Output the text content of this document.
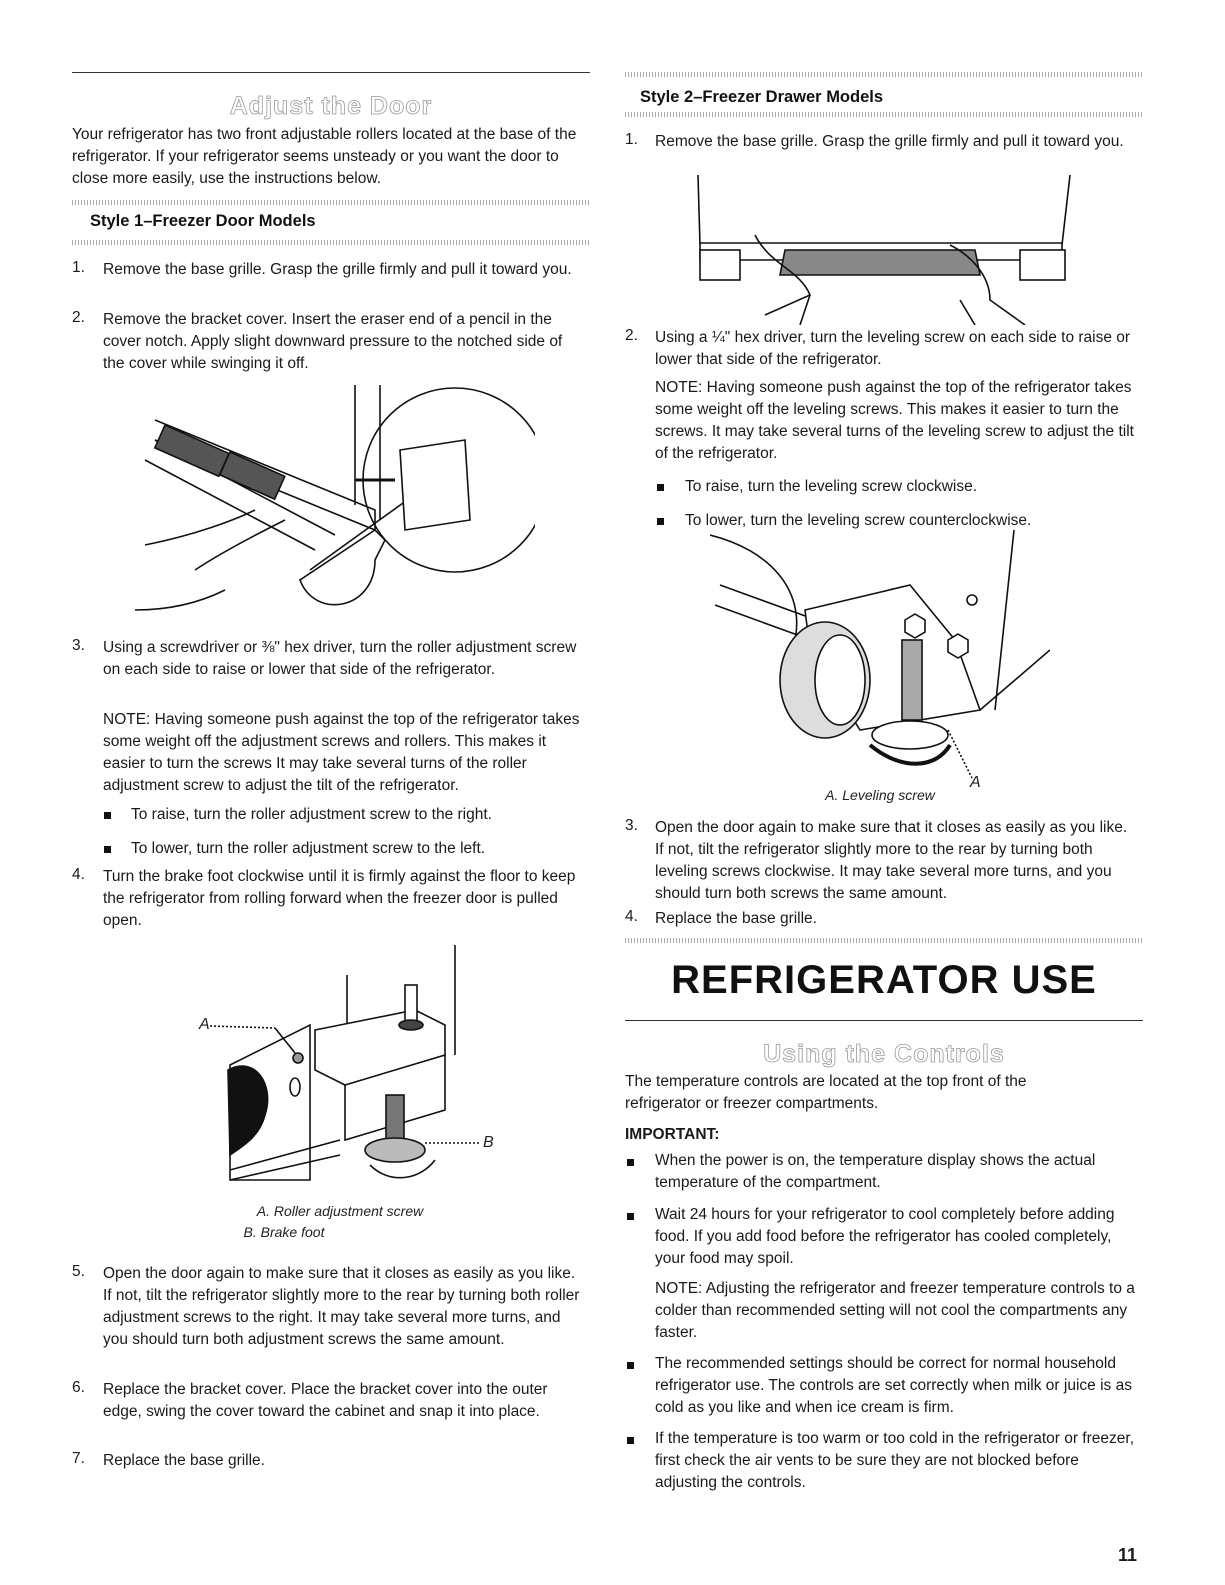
Adjust the Door

Your refrigerator has two front adjustable rollers located at the base of the refrigerator. If your refrigerator seems unsteady or you want the door to close more easily, use the instructions below.

Style 1–Freezer Door Models
1. Remove the base grille. Grasp the grille firmly and pull it toward you.

2. Remove the bracket cover. Insert the eraser end of a pencil in the cover notch. Apply slight downward pressure to the notched side of the cover while swinging it off.

3. Using a screwdriver or ⅜" hex driver, turn the roller adjustment screw on each side to raise or lower that side of the refrigerator.

NOTE: Having someone push against the top of the refrigerator takes some weight off the adjustment screws and rollers. This makes it easier to turn the screws It may take several turns of the roller adjustment screw to adjust the tilt of the refrigerator.

To raise, turn the roller adjustment screw to the right.

To lower, turn the roller adjustment screw to the left.

4. Turn the brake foot clockwise until it is firmly against the floor to keep the refrigerator from rolling forward when the freezer door is pulled open.

A
B
A. Roller adjustment screw
B. Brake foot
5. Open the door again to make sure that it closes as easily as you like. If not, tilt the refrigerator slightly more to the rear by turning both roller adjustment screws to the right. It may take several more turns, and you should turn both adjustment screws the same amount.

6. Replace the bracket cover. Place the bracket cover into the outer edge, swing the cover toward the cabinet and snap it into place.

7. Replace the base grille.

Style 2–Freezer Drawer Models
1. Remove the base grille. Grasp the grille firmly and pull it toward you.

2. Using a ¼" hex driver, turn the leveling screw on each side to raise or lower that side of the refrigerator.

NOTE: Having someone push against the top of the refrigerator takes some weight off the leveling screws. This makes it easier to turn the screws. It may take several turns of the leveling screw to adjust the tilt of the refrigerator.

To raise, turn the leveling screw clockwise.

To lower, turn the leveling screw counterclockwise.

A
A. Leveling screw
3. Open the door again to make sure that it closes as easily as you like. If not, tilt the refrigerator slightly more to the rear by turning both leveling screws clockwise. It may take several more turns, and you should turn both screws the same amount.

4. Replace the base grille.

REFRIGERATOR USE
Using the Controls

The temperature controls are located at the top front of the refrigerator or freezer compartments.

IMPORTANT:

When the power is on, the temperature display shows the actual temperature of the compartment.

Wait 24 hours for your refrigerator to cool completely before adding food. If you add food before the refrigerator has cooled completely, your food may spoil.

NOTE: Adjusting the refrigerator and freezer temperature controls to a colder than recommended setting will not cool the compartments any faster.

The recommended settings should be correct for normal household refrigerator use. The controls are set correctly when milk or juice is as cold as you like and when ice cream is firm.

If the temperature is too warm or too cold in the refrigerator or freezer, first check the air vents to be sure they are not blocked before adjusting the controls.

11
